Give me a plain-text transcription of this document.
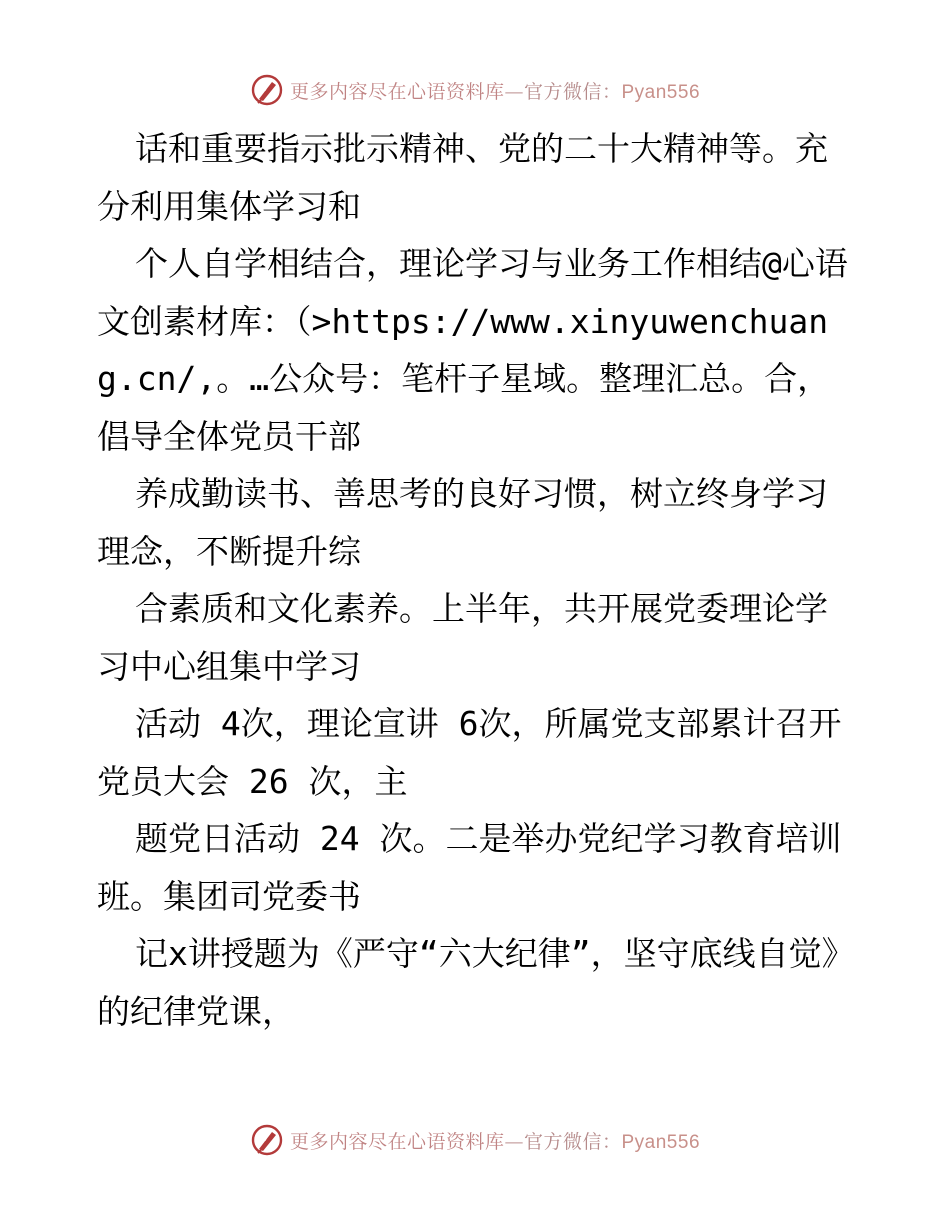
更多内容尽在心语资料库—官方微信：Pyan556

话和重要指示批示精神、党的二十大精神等。充分利用集体学习和

个人自学相结合，理论学习与业务工作相结@心语文创素材库：（>https://www.xinyuwenchuang.cn/,。…公众号：笔杆子星域。整理汇总。合，倡导全体党员干部

养成勤读书、善思考的良好习惯，树立终身学习理念，不断提升综

合素质和文化素养。上半年，共开展党委理论学习中心组集中学习

活动 4次，理论宣讲 6次，所属党支部累计召开党员大会 26 次，主

题党日活动 24 次。二是举办党纪学习教育培训班。集团司党委书

记x讲授题为《严守“六大纪律”，坚守底线自觉》的纪律党课，

更多内容尽在心语资料库—官方微信：Pyan556
